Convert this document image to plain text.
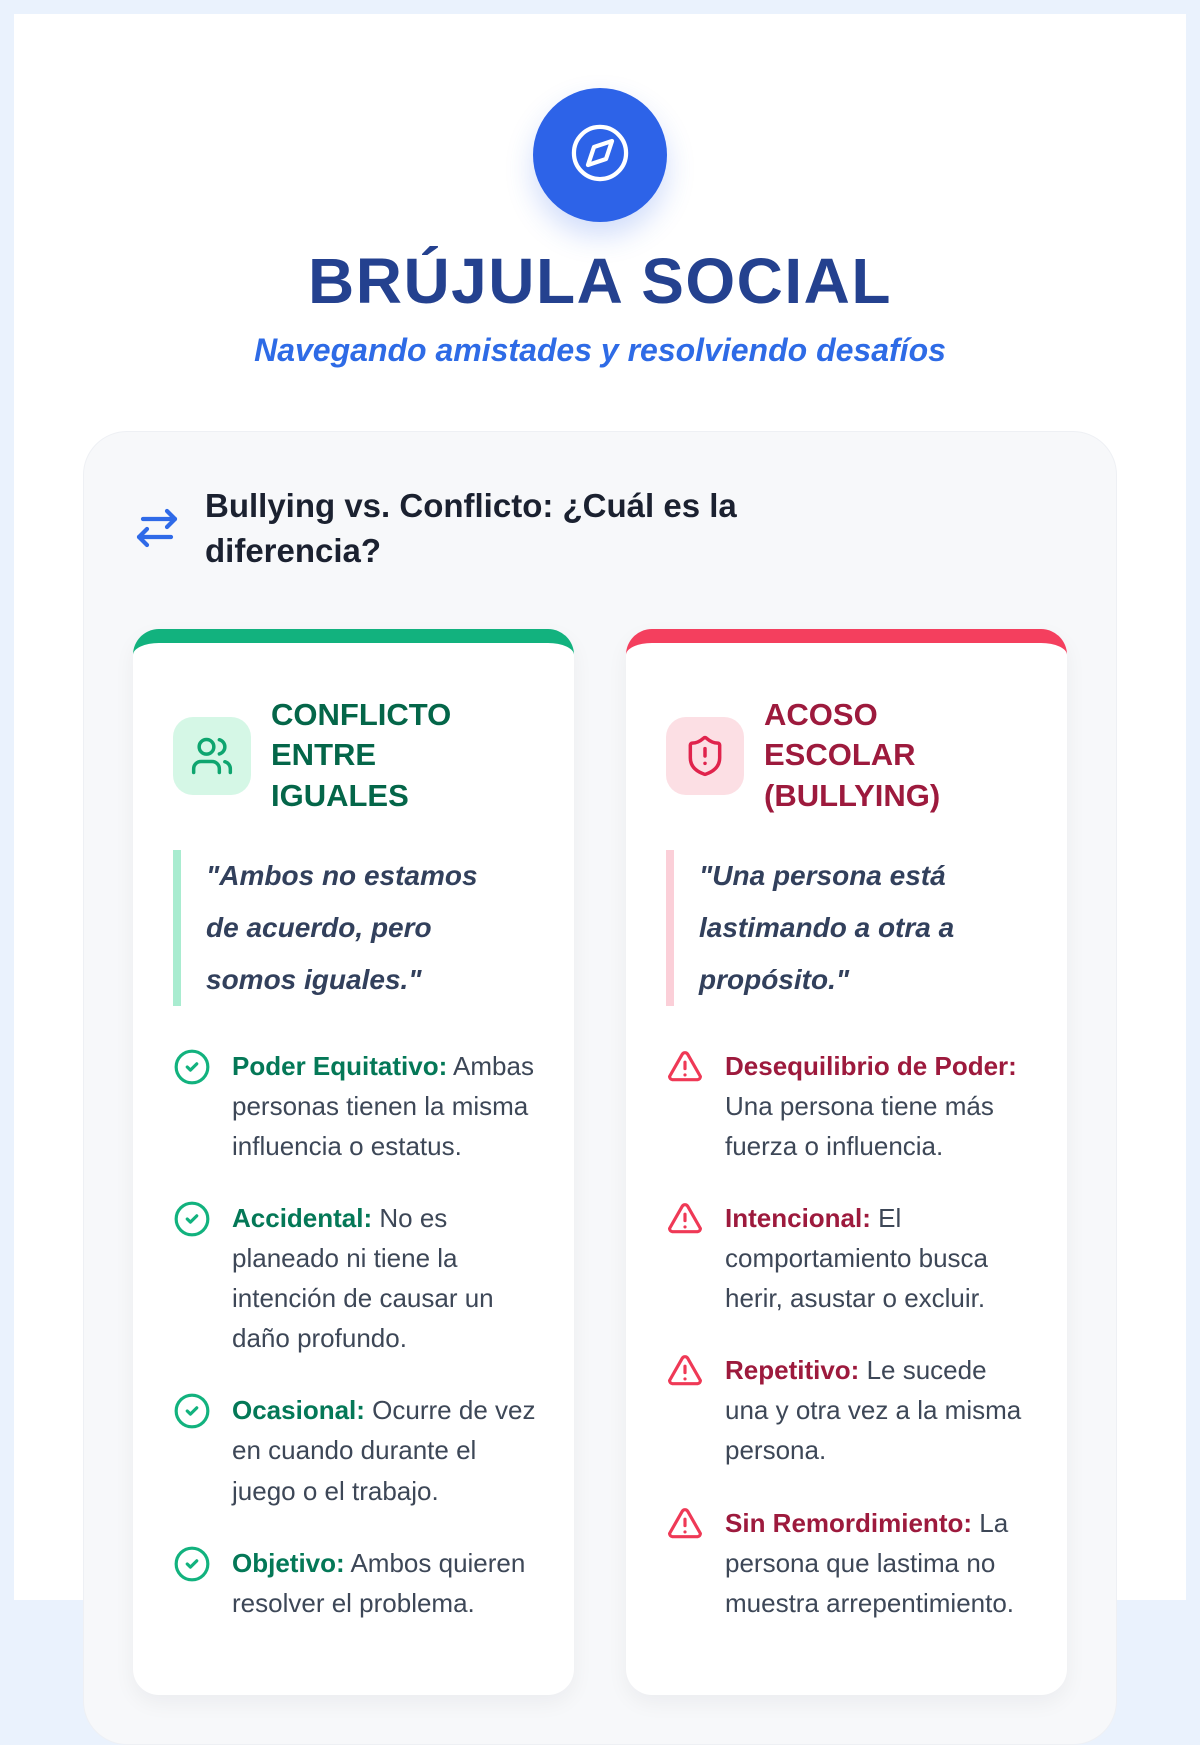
BRÚJULA SOCIAL
Navegando amistades y resolviendo desafíos
Bullying vs. Conflicto: ¿Cuál es la diferencia?
CONFLICTO ENTRE IGUALES
"Ambos no estamos de acuerdo, pero somos iguales."

Poder Equitativo: Ambas personas tienen la misma influencia o estatus.

Accidental: No es planeado ni tiene la intención de causar un daño profundo.

Ocasional: Ocurre de vez en cuando durante el juego o el trabajo.

Objetivo: Ambos quieren resolver el problema.

ACOSO ESCOLAR (BULLYING)
"Una persona está lastimando a otra a propósito."

Desequilibrio de Poder: Una persona tiene más fuerza o influencia.

Intencional: El comportamiento busca herir, asustar o excluir.

Repetitivo: Le sucede una y otra vez a la misma persona.

Sin Remordimiento: La persona que lastima no muestra arrepentimiento.
